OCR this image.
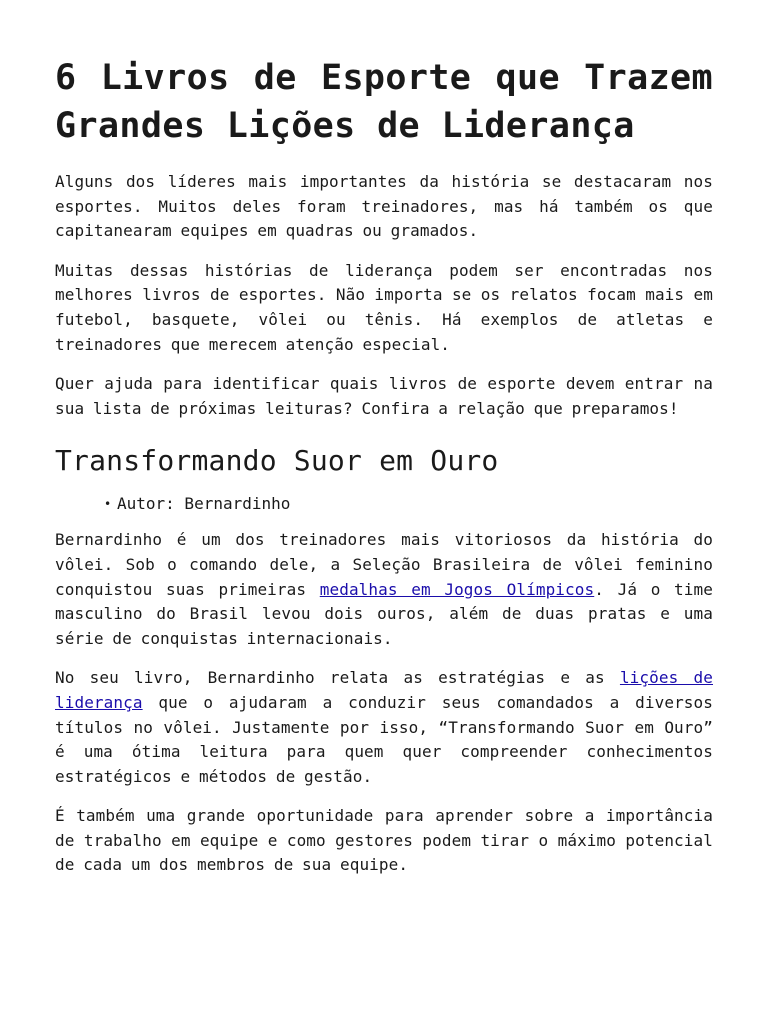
6 Livros de Esporte que Trazem Grandes Lições de Liderança

Alguns dos líderes mais importantes da história se destacaram nos esportes. Muitos deles foram treinadores, mas há também os que capitanearam equipes em quadras ou gramados.

Muitas dessas histórias de liderança podem ser encontradas nos melhores livros de esportes. Não importa se os relatos focam mais em futebol, basquete, vôlei ou tênis. Há exemplos de atletas e treinadores que merecem atenção especial.

Quer ajuda para identificar quais livros de esporte devem entrar na sua lista de próximas leituras? Confira a relação que preparamos!

Transformando Suor em Ouro
• Autor: Bernardinho

Bernardinho é um dos treinadores mais vitoriosos da história do vôlei. Sob o comando dele, a Seleção Brasileira de vôlei feminino conquistou suas primeiras medalhas em Jogos Olímpicos. Já o time masculino do Brasil levou dois ouros, além de duas pratas e uma série de conquistas internacionais.

No seu livro, Bernardinho relata as estratégias e as lições de liderança que o ajudaram a conduzir seus comandados a diversos títulos no vôlei. Justamente por isso, “Transformando Suor em Ouro” é uma ótima leitura para quem quer compreender conhecimentos estratégicos e métodos de gestão.

É também uma grande oportunidade para aprender sobre a importância de trabalho em equipe e como gestores podem tirar o máximo potencial de cada um dos membros de sua equipe.
